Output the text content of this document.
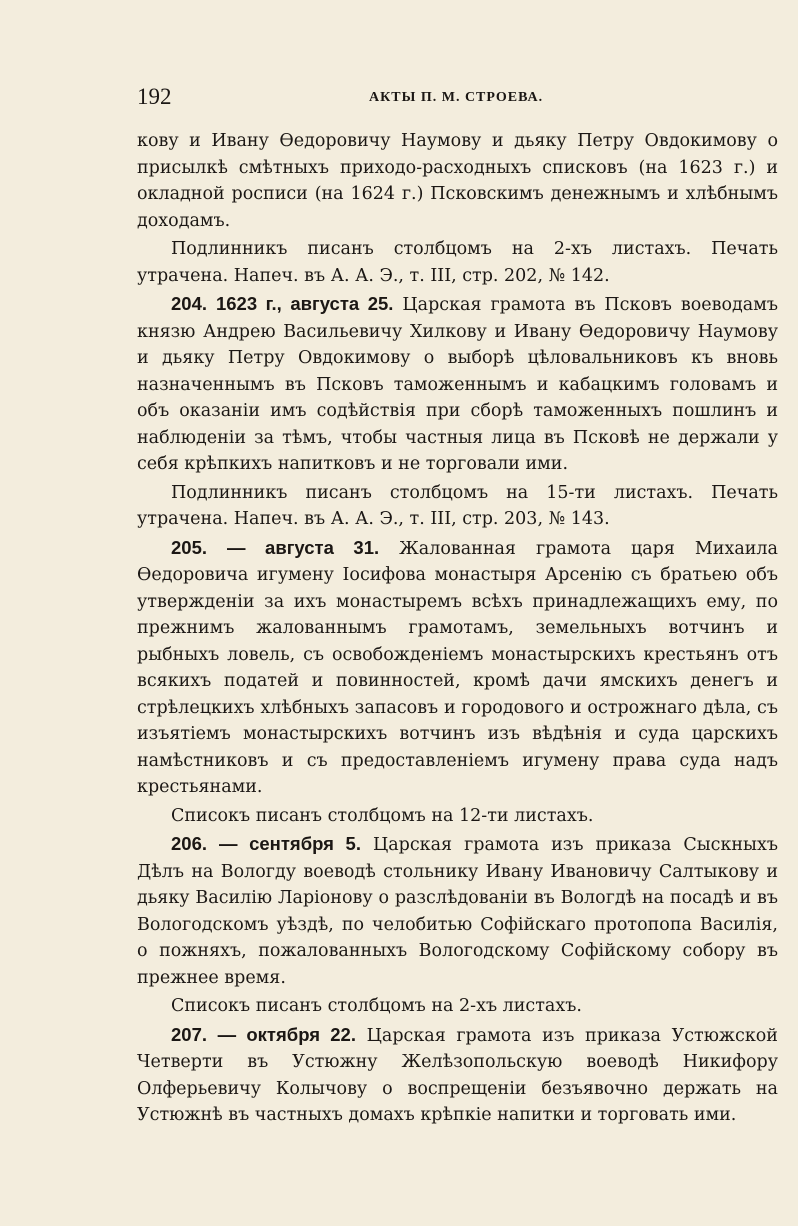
192	АКТЫ П. М. СТРОЕВА.

кову и Ивану Өедоровичу Наумову и дьяку Петру Овдокимову о присылкѣ смѣтныхъ приходо-расходныхъ списковъ (на 1623 г.) и окладной росписи (на 1624 г.) Псковскимъ денежнымъ и хлѣбнымъ доходамъ.

Подлинникъ писанъ столбцомъ на 2-хъ листахъ. Печать утрачена. Напеч. въ А. А. Э., т. III, стр. 202, № 142.

204. 1623 г., августа 25. Царская грамота въ Псковъ воеводамъ князю Андрею Васильевичу Хилкову и Ивану Өедоровичу Наумову и дьяку Петру Овдокимову о выборѣ цѣловальниковъ къ вновь назначеннымъ въ Псковъ таможеннымъ и кабацкимъ головамъ и объ оказаніи имъ содѣйствія при сборѣ таможенныхъ пошлинъ и наблюденіи за тѣмъ, чтобы частныя лица въ Псковѣ не держали у себя крѣпкихъ напитковъ и не торговали ими.

Подлинникъ писанъ столбцомъ на 15-ти листахъ. Печать утрачена. Напеч. въ А. А. Э., т. III, стр. 203, № 143.

205. — августа 31. Жалованная грамота царя Михаила Өедоровича игумену Іосифова монастыря Арсенію съ братьею объ утвержденіи за ихъ монастыремъ всѣхъ принадлежащихъ ему, по прежнимъ жалованнымъ грамотамъ, земельныхъ вотчинъ и рыбныхъ ловель, съ освобожденіемъ монастырскихъ крестьянъ отъ всякихъ податей и повинностей, кромѣ дачи ямскихъ денегъ и стрѣлецкихъ хлѣбныхъ запасовъ и городового и острожнаго дѣла, съ изъятіемъ монастырскихъ вотчинъ изъ вѣдѣнія и суда царскихъ намѣстниковъ и съ предоставленіемъ игумену права суда надъ крестьянами.

Списокъ писанъ столбцомъ на 12-ти листахъ.

206. — сентября 5. Царская грамота изъ приказа Сыскныхъ Дѣлъ на Вологду воеводѣ стольнику Ивану Ивановичу Салтыкову и дьяку Василію Ларіонову о разслѣдованіи въ Вологдѣ на посадѣ и въ Вологодскомъ уѣздѣ, по челобитью Софійскаго протопопа Василія, о пожняхъ, пожалованныхъ Вологодскому Софійскому собору въ прежнее время.

Списокъ писанъ столбцомъ на 2-хъ листахъ.

207. — октября 22. Царская грамота изъ приказа Устюжской Четверти въ Устюжну Желѣзопольскую воеводѣ Никифору Олферьевичу Колычову о воспрещеніи безъявочно держать на Устюжнѣ въ частныхъ домахъ крѣпкіе напитки и торговать ими.
